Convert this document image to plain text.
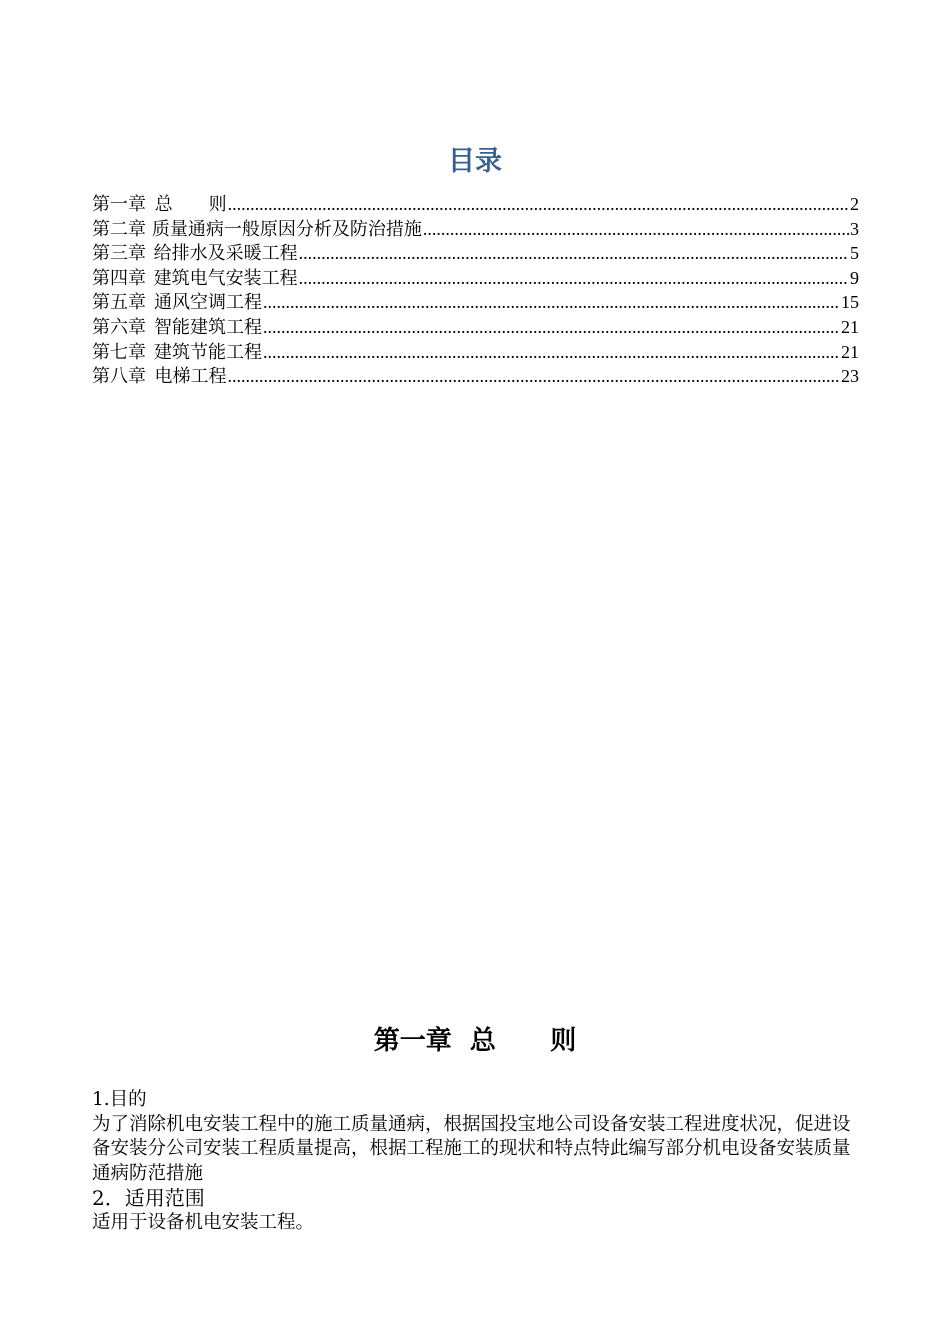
目录
第一章 总　　则 .....	2
第二章 质量通病一般原因分析及防治措施 .....	3
第三章 给排水及采暖工程 .....	5
第四章 建筑电气安装工程 .....	9
第五章 通风空调工程 .....	15
第六章 智能建筑工程 .....	21
第七章 建筑节能工程 .....	21
第八章 电梯工程 .....	23
第一章  总      则

1.目的

为了消除机电安装工程中的施工质量通病，根据国投宝地公司设备安装工程进度状况，促进设备安装分公司安装工程质量提高，根据工程施工的现状和特点特此编写部分机电设备安装质量通病防范措施

2．适用范围

适用于设备机电安装工程。
